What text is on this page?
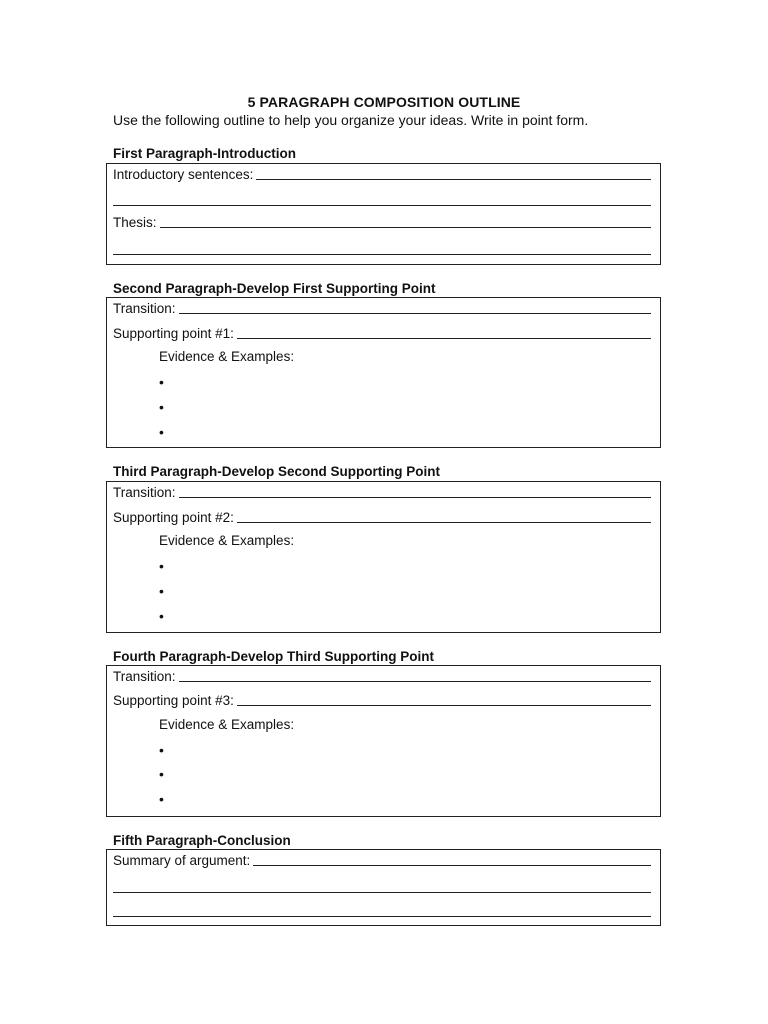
5 PARAGRAPH COMPOSITION OUTLINE
Use the following outline to help you organize your ideas. Write in point form.
First Paragraph-Introduction
Introductory sentences:
Thesis:
Second Paragraph-Develop First Supporting Point
Transition:
Supporting point #1:
Evidence & Examples:
•
•
•
Third Paragraph-Develop Second Supporting Point
Transition:
Supporting point #2:
Evidence & Examples:
•
•
•
Fourth Paragraph-Develop Third Supporting Point
Transition:
Supporting point #3:
Evidence & Examples:
•
•
•
Fifth Paragraph-Conclusion
Summary of argument:
